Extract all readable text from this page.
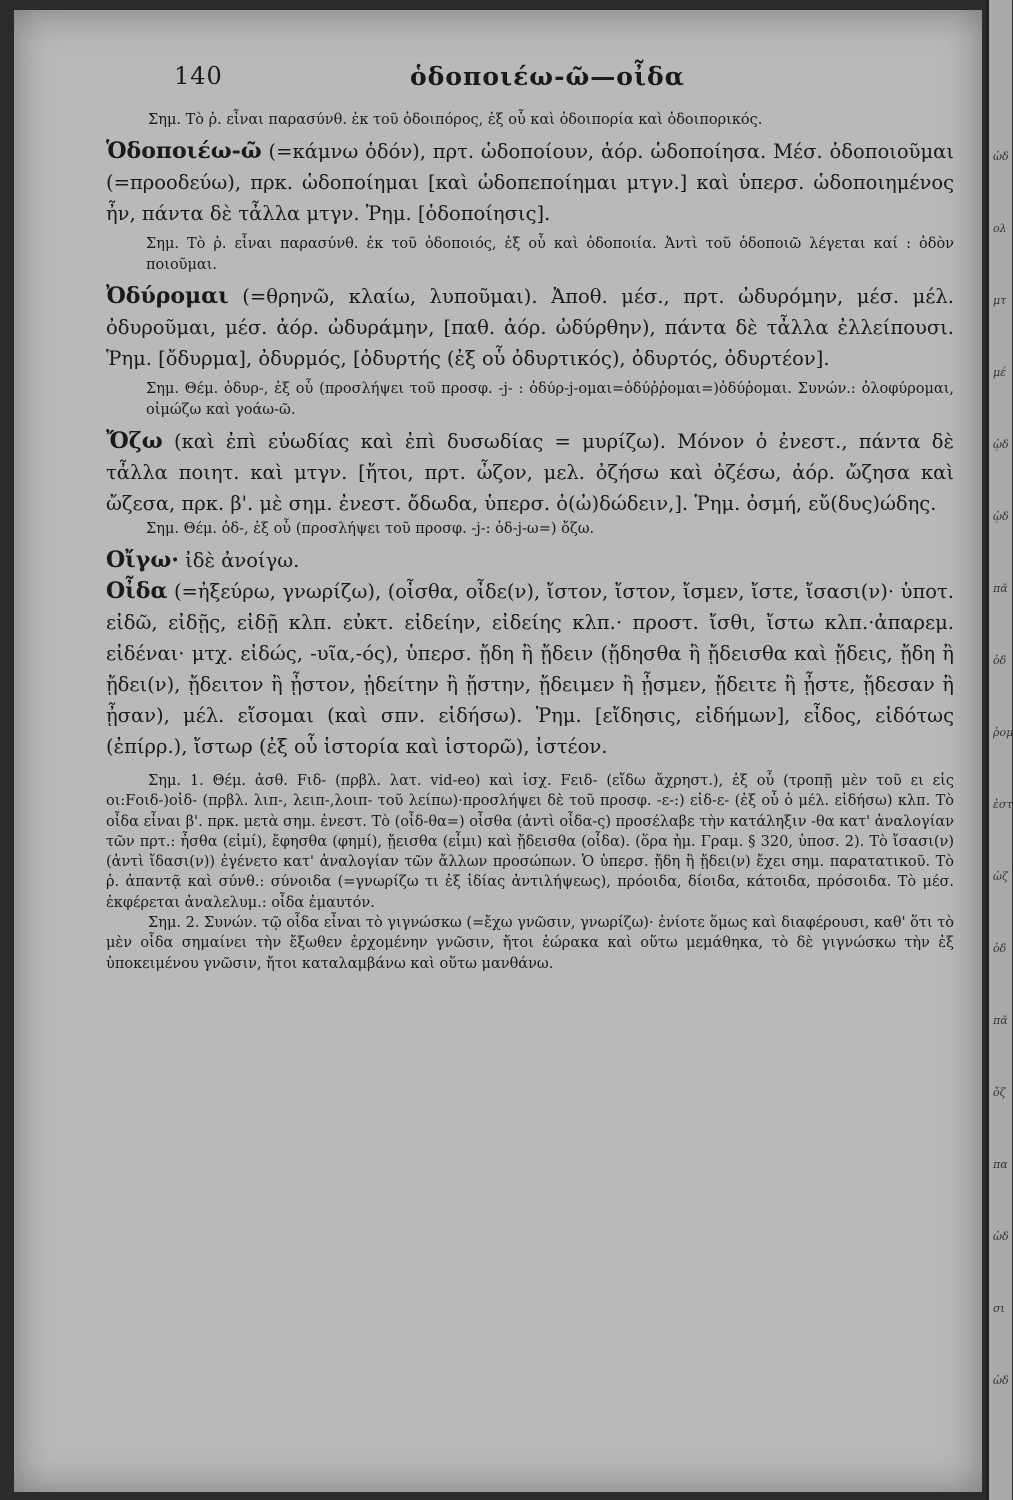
140	ὁδοποιέω-ῶ—οἶδα

Σημ. Τὸ ῥ. εἶναι παρασύνθ. ἐκ τοῦ ὁδοιπόρος, ἐξ οὗ καὶ ὁδοιπορία καὶ ὁδοιπορικός.

Ὁδοποιέω-ῶ (=κάμνω ὁδόν), πρτ. ὡδοποίουν, ἀόρ. ὡδοποίησα. Μέσ. ὁδοποιοῦμαι (=προοδεύω), πρκ. ὡδοποίημαι [καὶ ὡδοπεποίημαι μτγν.] καὶ ὑπερσ. ὡδοποιημένος ἦν, πάντα δὲ τἆλλα μτγν. Ῥημ. [ὁδοποίησις].

Σημ. Τὸ ῥ. εἶναι παρασύνθ. ἐκ τοῦ ὁδοποιός, ἐξ οὗ καὶ ὁδοποιία. Ἀντὶ τοῦ ὁδοποιῶ λέγεται καί : ὁδὸν ποιοῦμαι.

Ὀδύρομαι (=θρηνῶ, κλαίω, λυποῦμαι). Ἀποθ. μέσ., πρτ. ὠδυρόμην, μέσ. μέλ. ὀδυροῦμαι, μέσ. ἀόρ. ὠδυράμην, [παθ. ἀόρ. ὠδύρθην), πάντα δὲ τἆλλα ἐλλείπουσι. Ῥημ. [ὄδυρμα], ὀδυρμός, [ὀδυρτής (ἐξ οὗ ὀδυρτικός), ὀδυρτός, ὀδυρτέον].

Σημ. Θέμ. ὀδυρ-, ἐξ οὗ (προσλήψει τοῦ προσφ. -j- : ὀδύρ-j-ομαι=ὀδύῤῥομαι=)ὀδύῤομαι. Συνών.: ὀλοφύρομαι, οἰμώζω καὶ γοάω-ῶ.

Ὄζω (καὶ ἐπὶ εὐωδίας καὶ ἐπὶ δυσωδίας = μυρίζω). Μόνον ὁ ἐνεστ., πάντα δὲ τἆλλα ποιητ. καὶ μτγν. [ἤτοι, πρτ. ὦζον, μελ. ὀζήσω καὶ ὀζέσω, ἀόρ. ὤζησα καὶ ὤζεσα, πρκ. β'. μὲ σημ. ἐνεστ. ὄδωδα, ὑπερσ. ὀ(ὠ)δώδειν,]. Ῥημ. ὀσμή, εὔ(δυς)ώδης.

Σημ. Θέμ. ὀδ-, ἐξ οὗ (προσλήψει τοῦ προσφ. -j-: ὀδ-j-ω=) ὄζω.

Οἴγω· ἰδὲ ἀνοίγω.

Οἶδα (=ἠξεύρω, γνωρίζω), (οἶσθα, οἶδε(ν), ἴστον, ἴστον, ἴσμεν, ἴστε, ἴσασι(ν)· ὑποτ. εἰδῶ, εἰδῇς, εἰδῇ κλπ. εὐκτ. εἰδείην, εἰδείης κλπ.· προστ. ἴσθι, ἴστω κλπ.·ἀπαρεμ. εἰδέναι· μτχ. εἰδώς, -υῖα,-ός), ὑπερσ. ᾔδη ἢ ᾔδειν (ᾔδησθα ἢ ᾔδεισθα καὶ ᾔδεις, ᾔδη ἢ ᾔδει(ν), ᾔδειτον ἢ ᾖστον, ᾐδείτην ἢ ᾔστην, ᾔδειμεν ἢ ᾖσμεν, ᾔδειτε ἢ ᾖστε, ᾔδεσαν ἢ ᾖσαν), μέλ. εἴσομαι (καὶ σπν. εἰδήσω). Ῥημ. [εἴδησις, εἰδήμων], εἶδος, εἰδότως (ἐπίρρ.), ἴστωρ (ἐξ οὗ ἱστορία καὶ ἱστορῶ), ἰστέον.

Σημ. 1. Θέμ. ἀσθ. Fιδ- (πρβλ. λατ. vid-eo) καὶ ἰσχ. Fειδ- (εἴδω ἄχρηστ.), ἐξ οὗ (τροπῇ μὲν τοῦ ει εἰς οι:Fοιδ-)οἰδ- (πρβλ. λιπ-, λειπ-,λοιπ- τοῦ λείπω)·προσλήψει δὲ τοῦ προσφ. -ε-:) εἰδ-ε- (ἐξ οὗ ὁ μέλ. εἰδήσω) κλπ. Τὸ οἶδα εἶναι β'. πρκ. μετὰ σημ. ἐνεστ. Τὸ (οἶδ-θα=) οἶσθα (ἀντὶ οἶδα-ς) προσέλαβε τὴν κατάληξιν -θα κατ' ἀναλογίαν τῶν πρτ.: ἦσθα (εἰμί), ἔφησθα (φημί), ᾔεισθα (εἶμι) καὶ ᾔδεισθα (οἶδα). (ὅρα ἡμ. Γραμ. § 320, ὑποσ. 2). Τὸ ἴσασι(ν) (ἀντὶ ἴδασι(ν)) ἐγένετο κατ' ἀναλογίαν τῶν ἄλλων προσώπων. Ὁ ὑπερσ. ᾔδη ἢ ᾔδει(ν) ἔχει σημ. παρατατικοῦ. Τὸ ῥ. ἀπαντᾷ καὶ σύνθ.: σύνοιδα (=γνωρίζω τι ἐξ ἰδίας ἀντιλήψεως), πρόοιδα, δίοιδα, κάτοιδα, πρόσοιδα. Τὸ μέσ. ἐκφέρεται ἀναλελυμ.: οἶδα ἐμαυτόν.

Σημ. 2. Συνών. τῷ οἶδα εἶναι τὸ γιγνώσκω (=ἔχω γνῶσιν, γνωρίζω)· ἐνίοτε ὅμως καὶ διαφέρουσι, καθ' ὅτι τὸ μὲν οἶδα σημαίνει τὴν ἔξωθεν ἐρχομένην γνῶσιν, ἤτοι ἑώρακα καὶ οὕτω μεμάθηκα, τὸ δὲ γιγνώσκω τὴν ἐξ ὑποκειμένου γνῶσιν, ἤτοι καταλαμβάνω καὶ οὕτω μανθάνω.

ὡδ
ολ
μτ
μέ
ᾠδ
ᾠδ
πᾶ
ὀδ
ῥομ
ἐστ
ὠζ
ὀδ
πᾶ
ὄζ
πα
ὠδ
σι
ὠδ
